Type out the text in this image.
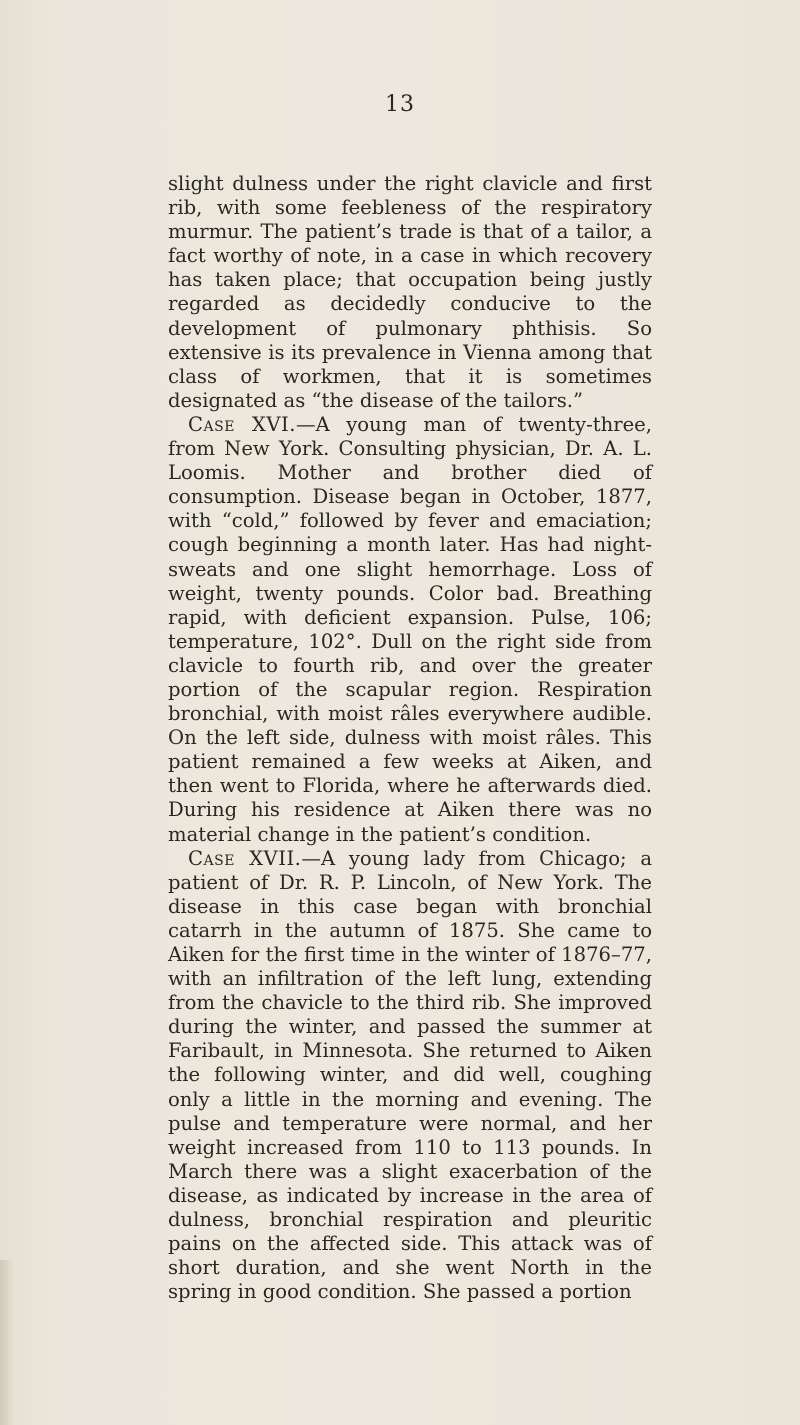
13

slight dulness under the right clavicle and first rib, with some feebleness of the respiratory murmur. The patient’s trade is that of a tailor, a fact worthy of note, in a case in which recovery has taken place; that occupation being justly regarded as decidedly conducive to the development of pulmonary phthisis. So extensive is its prevalence in Vienna among that class of workmen, that it is sometimes designated as “the disease of the tailors.”

Case XVI.—A young man of twenty-three, from New York. Consulting physician, Dr. A. L. Loomis. Mother and brother died of consumption. Disease began in October, 1877, with “cold,” followed by fever and emaciation; cough beginning a month later. Has had night-sweats and one slight hemorrhage. Loss of weight, twenty pounds. Color bad. Breathing rapid, with deficient expansion. Pulse, 106; temperature, 102°. Dull on the right side from clavicle to fourth rib, and over the greater portion of the scapular region. Respiration bronchial, with moist râles everywhere audible. On the left side, dulness with moist râles. This patient remained a few weeks at Aiken, and then went to Florida, where he afterwards died. During his residence at Aiken there was no material change in the patient’s condition.

Case XVII.—A young lady from Chicago; a patient of Dr. R. P. Lincoln, of New York. The disease in this case began with bronchial catarrh in the autumn of 1875. She came to Aiken for the first time in the winter of 1876–77, with an infiltration of the left lung, extending from the chavicle to the third rib. She improved during the winter, and passed the summer at Faribault, in Minnesota. She returned to Aiken the following winter, and did well, coughing only a little in the morning and evening. The pulse and temperature were normal, and her weight increased from 110 to 113 pounds. In March there was a slight exacerbation of the disease, as indicated by increase in the area of dulness, bronchial respiration and pleuritic pains on the affected side. This attack was of short duration, and she went North in the spring in good condition. She passed a portion
